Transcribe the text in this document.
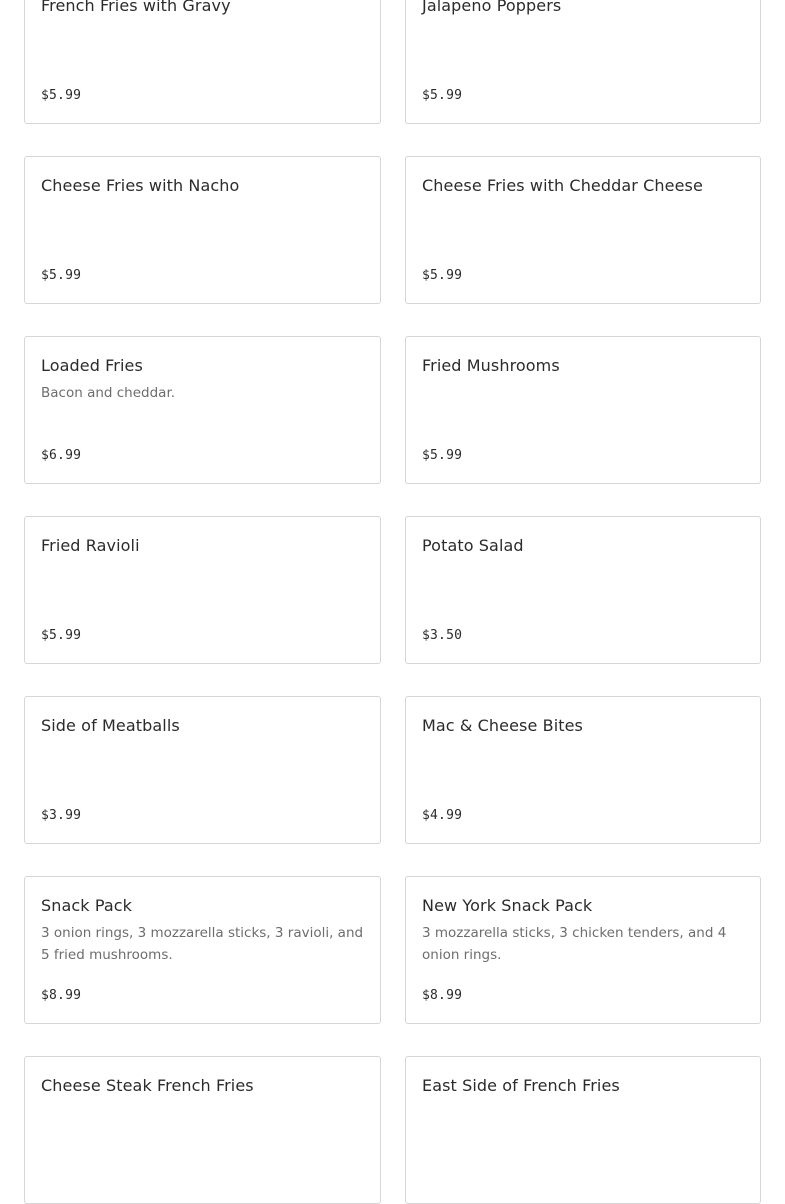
French Fries with Gravy
$5.99
Jalapeno Poppers
$5.99
Cheese Fries with Nacho
$5.99
Cheese Fries with Cheddar Cheese
$5.99
Loaded Fries
Bacon and cheddar.
$6.99
Fried Mushrooms
$5.99
Fried Ravioli
$5.99
Potato Salad
$3.50
Side of Meatballs
$3.99
Mac & Cheese Bites
$4.99
Snack Pack
3 onion rings, 3 mozzarella sticks, 3 ravioli, and 5 fried mushrooms.
$8.99
New York Snack Pack
3 mozzarella sticks, 3 chicken tenders, and 4 onion rings.
$8.99
Cheese Steak French Fries	East Side of French Fries
